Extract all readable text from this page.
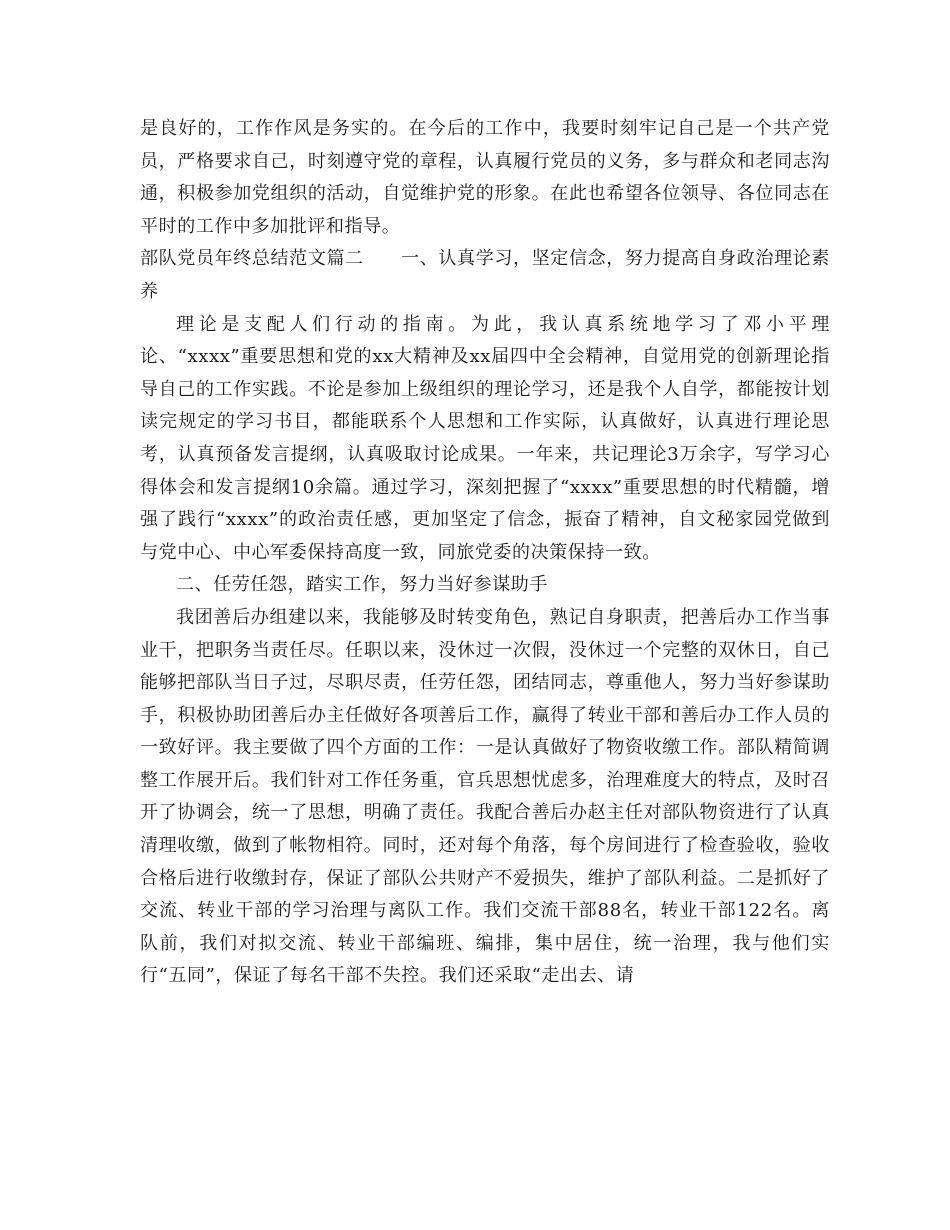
是良好的，工作作风是务实的。在今后的工作中，我要时刻牢记自己是一个共产党员，严格要求自己，时刻遵守党的章程，认真履行党员的义务，多与群众和老同志沟通，积极参加党组织的活动，自觉维护党的形象。在此也希望各位领导、各位同志在平时的工作中多加批评和指导。

部队党员年终总结范文篇二　　一、认真学习，坚定信念，努力提高自身政治理论素养

理论是支配人们行动的指南。为此，我认真系统地学习了邓小平理论、“xxxx”重要思想和党的xx大精神及xx届四中全会精神，自觉用党的创新理论指导自己的工作实践。不论是参加上级组织的理论学习，还是我个人自学，都能按计划读完规定的学习书目，都能联系个人思想和工作实际，认真做好，认真进行理论思考，认真预备发言提纲，认真吸取讨论成果。一年来，共记理论3万余字，写学习心得体会和发言提纲10余篇。通过学习，深刻把握了“xxxx”重要思想的时代精髓，增强了践行“xxxx”的政治责任感，更加坚定了信念，振奋了精神，自文秘家园党做到与党中心、中心军委保持高度一致，同旅党委的决策保持一致。

二、任劳任怨，踏实工作，努力当好参谋助手

我团善后办组建以来，我能够及时转变角色，熟记自身职责，把善后办工作当事业干，把职务当责任尽。任职以来，没休过一次假，没休过一个完整的双休日，自己能够把部队当日子过，尽职尽责，任劳任怨，团结同志，尊重他人，努力当好参谋助手，积极协助团善后办主任做好各项善后工作，赢得了转业干部和善后办工作人员的一致好评。我主要做了四个方面的工作：一是认真做好了物资收缴工作。部队精简调整工作展开后。我们针对工作任务重，官兵思想忧虑多，治理难度大的特点，及时召开了协调会，统一了思想，明确了责任。我配合善后办赵主任对部队物资进行了认真清理收缴，做到了帐物相符。同时，还对每个角落，每个房间进行了检查验收，验收合格后进行收缴封存，保证了部队公共财产不爱损失，维护了部队利益。二是抓好了交流、转业干部的学习治理与离队工作。我们交流干部88名，转业干部122名。离队前，我们对拟交流、转业干部编班、编排，集中居住，统一治理，我与他们实行“五同”，保证了每名干部不失控。我们还采取“走出去、请
